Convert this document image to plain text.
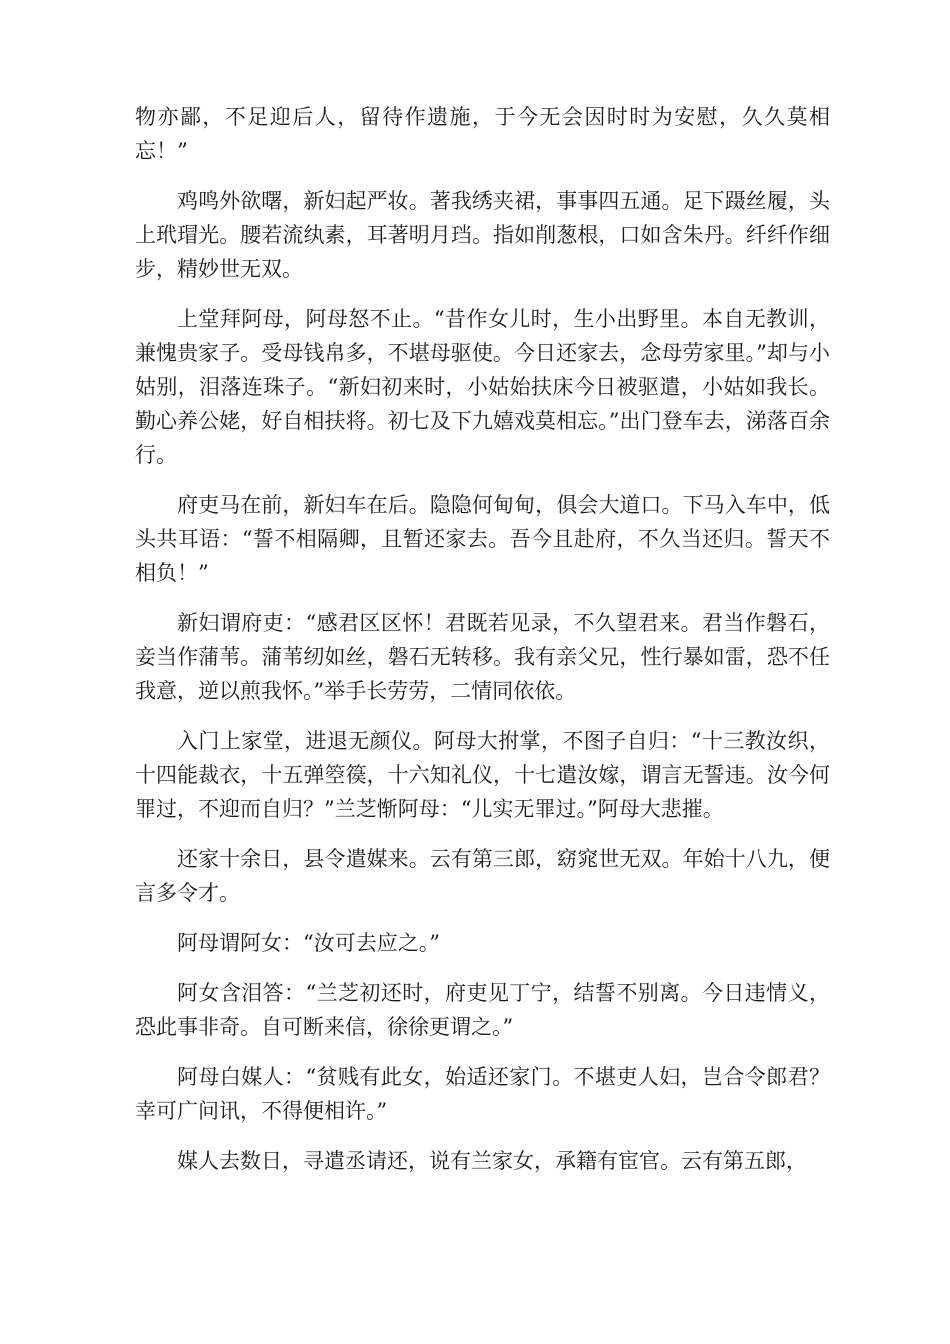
物亦鄙，不足迎后人，留待作遗施，于今无会因时时为安慰，久久莫相忘！”

鸡鸣外欲曙，新妇起严妆。著我绣夹裙，事事四五通。足下蹑丝履，头上玳瑁光。腰若流纨素，耳著明月珰。指如削葱根，口如含朱丹。纤纤作细步，精妙世无双。

上堂拜阿母，阿母怒不止。“昔作女儿时，生小出野里。本自无教训，兼愧贵家子。受母钱帛多，不堪母驱使。今日还家去，念母劳家里。”却与小姑别，泪落连珠子。“新妇初来时，小姑始扶床今日被驱遣，小姑如我长。勤心养公姥，好自相扶将。初七及下九嬉戏莫相忘。”出门登车去，涕落百余行。

府吏马在前，新妇车在后。隐隐何甸甸，俱会大道口。下马入车中，低头共耳语：“誓不相隔卿，且暂还家去。吾今且赴府，不久当还归。誓天不相负！”

新妇谓府吏：“感君区区怀！君既若见录，不久望君来。君当作磐石，妾当作蒲苇。蒲苇纫如丝，磐石无转移。我有亲父兄，性行暴如雷，恐不任我意，逆以煎我怀。”举手长劳劳，二情同依依。

入门上家堂，进退无颜仪。阿母大拊掌，不图子自归：“十三教汝织，十四能裁衣，十五弹箜篌，十六知礼仪，十七遣汝嫁，谓言无誓违。汝今何罪过，不迎而自归？”兰芝惭阿母：“儿实无罪过。”阿母大悲摧。

还家十余日，县令遣媒来。云有第三郎，窈窕世无双。年始十八九，便言多令才。

阿母谓阿女：“汝可去应之。”

阿女含泪答：“兰芝初还时，府吏见丁宁，结誓不别离。今日违情义，恐此事非奇。自可断来信，徐徐更谓之。”

阿母白媒人：“贫贱有此女，始适还家门。不堪吏人妇，岂合令郎君？幸可广问讯，不得便相许。”

媒人去数日，寻遣丞请还，说有兰家女，承籍有宦官。云有第五郎，
